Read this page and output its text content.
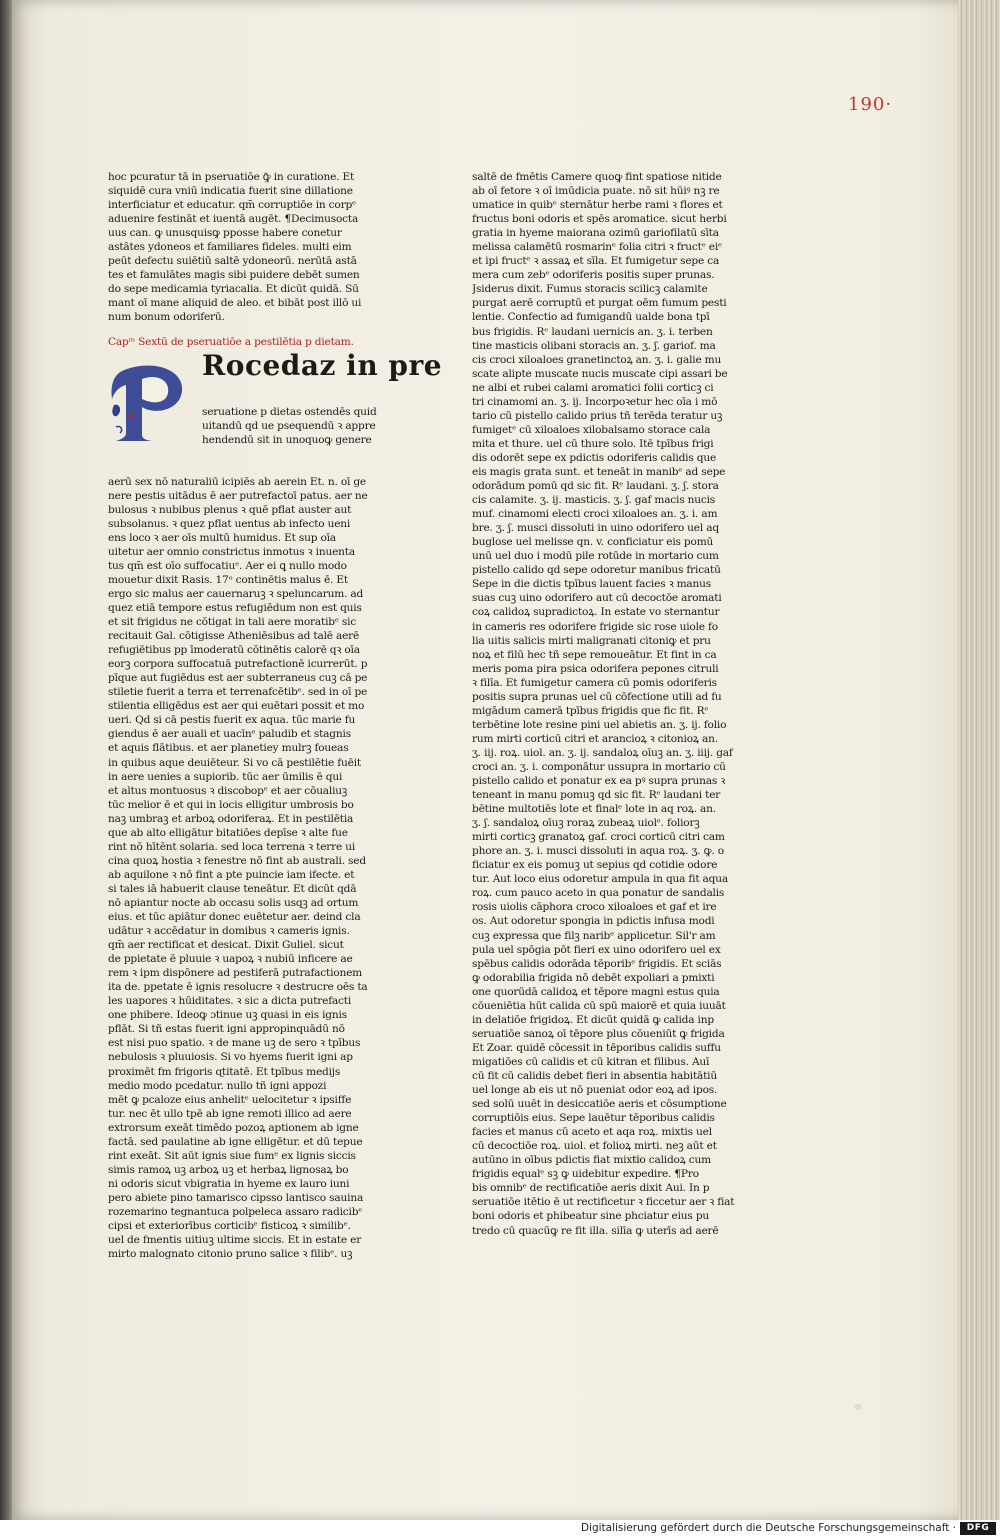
190·
hoc pcuratur tā in pseruatiōe ꝙ̄ in curatione. Et
siquidē cura vniū indicatia fuerit sine dillatione
interficiatur et educatur. qm̄ corruptiōe in corpᵉ
aduenire festināt et iuentā augēt. ¶Decimusocta
uus can. ꝙ unusquisꝙ pposse habere conetur
astātes ydoneos et familiares fideles. multi eim
peūt defectu suiētiū saltē ydoneorū. nerūtā astā
tes et famulātes magis sibi puidere debēt sumen
do sepe medicamia tyriacalia. Et dicūt quidā. Sū
mant oī mane aliquid de aleo. et bibāt post illō ui
num bonum odoriferū.
Capᵐ Sextū de pseruatiōe a pestilētia p dietam.
Rocedaz in pre
seruatione p dietas ostendēs quid
uitandū qd ue psequendū ꝛ appre
hendendū sit in unoquoꝙ genere
aerū sex nō naturaliū icipiēs ab aerein Et. n. oī ge
nere pestis uitādus ē aer putrefactoī patus. aer ne
bulosus ꝛ nubibus plenus ꝛ quē pflat auster aut
subsolanus. ꝛ quez pflat uentus ab infecto ueni
ens loco ꝛ aer oīs multū humidus. Et sup oīa
uitetur aer omnio constrictus inmotus ꝛ inuenta
tus qm̄ est oīo suffocatiuᵉ. Aer ei ꝗ nullo modo
mouetur dixit Rasis. 17ᵒ continētis malus ē. Et
ergo sic malus aer cauernaruꝫ ꝛ speluncarum. ad
quez etiā tempore estus refugiēdum non est quis
et sit frigidus ne cōtigat in tali aere moratibᵉ sic
recitauit Gal. cōtigisse Atheniēsibus ad talē aerē
refugiētibus pp īmoderatū cōtinētis calorē qꝛ oīa
eorꝫ corpora suffocatuā putrefactionē icurrerūt. p
pīque aut fugiēdus est aer subterraneus cuꝫ cā pe
stiletie fuerit a terra et terrenafcētibᵉ. sed in oī pe
stilentia elligēdus est aer qui euētari possit et mo
ueri. Qd si cā pestis fuerit ex aqua. tūc marie fu
giendus ē aer auali et uacīnᵉ paludib et stagnis
et aquis flātibus. et aer planetiey mulrꝫ foueas
in quibus aque deuiēteur. Si vo cā pestilētie fuēit
in aere uenies a supiorib. tūc aer ūmilis ē qui
et altus montuosus ꝛ discobopᵉ et aer cōualiuꝫ
tūc melior ē et qui in locis elligitur umbrosis bo
naꝫ umbraꝫ et arboꝝ odoriferaꝝ. Et in pestilētia
que ab alto elligātur bitatiōes depīse ꝛ alte fue
rint nō hītēnt solaria. sed loca terrena ꝛ terre ui
cina quoꝝ hostia ꝛ fenestre nō fint ab australi. sed
ab aquilone ꝛ nō fint a pte puincie iam ifecte. et
si tales iā habuerit clause teneātur. Et dicūt qdā
nō apiantur nocte ab occasu solis usqꝫ ad ortum
eius. et tūc apiātur donec euētetur aer. deind cla
udātur ꝛ accēdatur in domibus ꝛ cameris ignis.
qm̄ aer rectificat et desicat. Dixit Guliel. sicut
de ppietate ē pluuie ꝛ uapoꝝ ꝛ nubiū inficere ae
rem ꝛ ipm dispōnere ad pestiferā putrafactionem
ita de. ppetate ē ignis resolucre ꝛ destrucre oēs ta
les uapores ꝛ hūiditates. ꝛ sic a dicta putrefacti
one phibere. Ideoꝙ ɔtinue uꝫ quasi in eis ignis
pflāt. Si tñ estas fuerit igni appropinquādū nō
est nisi puo spatio. ꝛ de mane uꝫ de sero ꝛ tpībus
nebulosis ꝛ pluuiosis. Si vo hyems fuerit igni ap
proximēt fm frigoris ɋtitatē. Et tpībus medijs
medio modo pcedatur. nullo tñ igni appozi
mēt ꝙ pcaloze eius anhelitᵉ uelocitetur ꝛ ipsiffe
tur. nec ēt ullo tpē ab igne remoti illico ad aere
extrorsum exeāt timēdo pozoꝝ aptionem ab igne
factā. sed paulatine ab igne elligētur. et dū tepue
rint exeāt. Sit aūt ignis siue fumᵉ ex lignis siccis
simis ramoꝝ uꝫ arboꝝ uꝫ et herbaꝝ lignosaꝝ bo
ni odoris sicut vbigratia in hyeme ex lauro iuni
pero abiete pino tamarisco cipsso lantisco sauina
rozemarino tegnantuca polpeleca assaro radicibᵉ
cipsi et exteriorībus corticibᵉ fisticoꝝ ꝛ similibᵉ.
uel de fmentis uitiuꝫ ultime siccis. Et in estate er
mirto malognato citonio pruno salice ꝛ filibᵉ. uꝫ
saltē de fmētis Camere quoꝙ fint spatiose nitide
ab oī fetore ꝛ oī imūdicia puate. nō sit hūiꝰ nꝫ re
umatice in quibᵉ sternātur herbe rami ꝛ flores et
fructus boni odoris et spēs aromatice. sicut herbi
gratia in hyeme maiorana ozimū gariofilatū sīta
melissa calamētū rosmarinᵉ folia citri ꝛ fructᵉ eiᵉ
et ipi fructᵉ ꝛ assaꝝ et sīla. Et fumigetur sepe ca
mera cum zebᵉ odoriferis positis super prunas.
Jsiderus dixit. Fumus storacis scilicꝫ calamite
purgat aerē corruptū et purgat oēm fumum pesti
lentie. Confectio ad fumigandū ualde bona tpī
bus frigidis. Rᵉ laudani uernicis an. ʒ. i. terben
tine masticis olibani storacis an. ʒ. ʃ. gariof. ma
cis croci xiloaloes granetinctoꝝ an. ʒ. i. galie mu
scate alipte muscate nucis muscate cipi assari be
ne albi et rubei calami aromatici folii corticꝫ ci
tri cinamomi an. ʒ. ij. Incorpoꝛetur hec oīa i mō
tario cū pistello calido prius tñ terēda teratur uꝫ
fumigetᵉ cū xiloaloes xilobalsamo storace cala
mita et thure. uel cū thure solo. Itē tpībus frigi
dis odorēt sepe ex pdictis odoriferis calidis que
eis magis grata sunt. et teneāt in manibᵉ ad sepe
odorādum pomū qd sic fit. Rᵉ laudani. ʒ. ʃ. stora
cis calamite. ʒ. ij. masticis. ʒ. ʃ. gaf macis nucis
muf. cinamomi electi croci xiloaloes an. ʒ. i. am
bre. ʒ. ʃ. musci dissoluti in uino odorifero uel aq
buglose uel melisse qn. v. conficiatur eis pomū
unū uel duo i modū pile rotūde in mortario cum
pistello calido qd sepe odoretur manibus fricatū
Sepe in die dictis tpībus lauent facies ꝛ manus
suas cuꝫ uino odorifero aut cū decoctōe aromati
coꝝ calidoꝝ supradictoꝝ. In estate vo sternantur
in cameris res odorifere frigide sic rose uiole fo
lia uitis salicis mirti maligranati citoniꝙ et pru
noꝝ et filū hec tñ sepe remoueātur. Et fint in ca
meris poma pira psica odorifera pepones citruli
ꝛ filīa. Et fumigetur camera cū pomis odoriferis
positis supra prunas uel cū cōfectione utili ad fu
migādum camerā tpībus frigidis que fic fit. Rᵉ
terbētine lote resine pini uel abietis an. ʒ. ij. folio
rum mirti corticū citri et arancioꝝ ꝛ citonioꝝ an.
ʒ. iij. roꝝ. uiol. an. ʒ. ij. sandaloꝝ oīuꝫ an. ʒ. iiij. gaf
croci an. ʒ. i. componātur ussupra in mortario cū
pistello calido et ponatur ex ea pꝰ supra prunas ꝛ
teneant in manu pomuꝫ qd sic fit. Rᵉ laudani ter
bētine multotiēs lote et finalᵉ lote in aq roꝝ. an.
ʒ. ʃ. sandaloꝝ oīuꝫ roraꝝ zubeaꝝ uiolᵉ. foliorꝫ
mirti corticꝫ granatoꝝ gaf. croci corticū citri cam
phore an. ʒ. i. musci dissoluti in aqua roꝝ. ʒ. ꝙ. o
ficiatur ex eis pomuꝫ ut sepius qd cotidie odore
tur. Aut loco eius odoretur ampula in qua fit aqua
roꝝ. cum pauco aceto in qua ponatur de sandalis
rosis uiolis cāphora croco xiloaloes et gaf et ire
os. Aut odoretur spongia in pdictis infusa modi
cuꝫ expressa que filꝫ naribᵉ applicetur. Sil'r am
pula uel spōgia pōt fieri ex uino odorifero uel ex
spēbus calidis odorāda tēporibᵉ frigidis. Et sciās
ꝙ odorabilia frigida nō debēt expoliari a pmixti
one quorūdā calidoꝝ et tēpore magni estus quia
cōueniētia hūt calida cū spū maiorē et quia iuuāt
in delatiōe frigidoꝝ. Et dicūt quidā ꝙ calida inp
seruatiōe sanoꝝ oī tēpore plus cōueniūt ꝙ frigida
Et Zoar. quidē cōcessit in tēporibus calidis suffu
migatiōes cū calidis et cū kitran et filibus. Auī
cū fit cū calidis debet fieri in absentia habitātiū
uel longe ab eis ut nō pueniat odor eoꝝ ad ipos.
sed solū uuēt in desiccatiōe aeris et cōsumptione
corruptiōis eius. Sepe lauētur tēporibus calidis
facies et manus cū aceto et aqa roꝝ. mixtis uel
cū decoctiōe roꝝ. uiol. et folioꝝ mirti. neꝫ aūt et
autūno in oībus pdictis fiat mixtio calidoꝝ cum
frigidis equalᵉ sꝫ ꝙ uidebitur expedire. ¶Pro
bis omnibᵉ de rectificatiōe aeris dixit Aui. In p
seruatiōe itētio ē ut rectificetur ꝛ ficcetur aer ꝛ fiat
boni odoris et phibeatur sine phciatur eius pu
tredo cū quacūꝙ re fit illa. silīa ꝙ uterīs ad aerē
Digitalisierung gefördert durch die Deutsche Forschungsgemeinschaft ·	DFG
